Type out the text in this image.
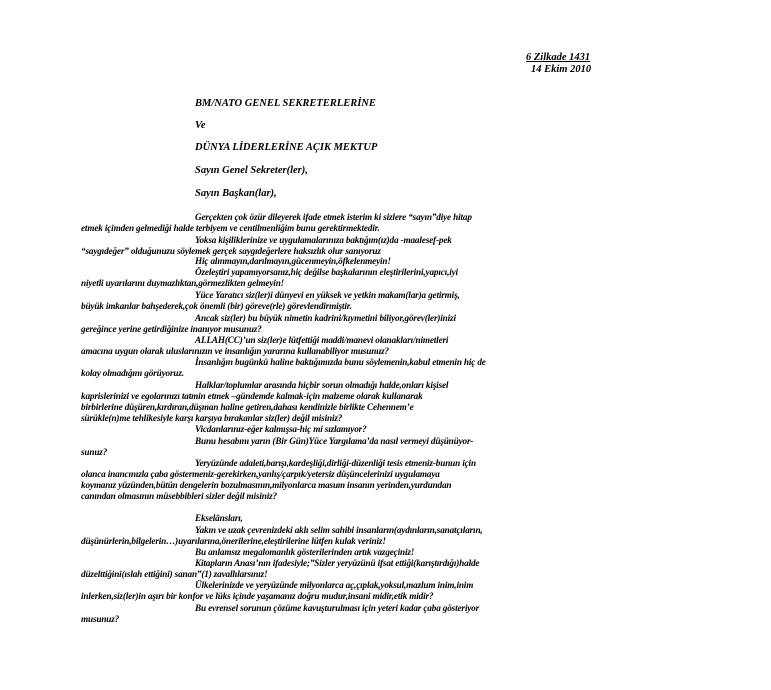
6 Zilkade 1431
14 Ekim 2010
BM/NATO GENEL SEKRETERLERİNE
Ve
DÜNYA LİDERLERİNE AÇIK MEKTUP
Sayın Genel Sekreter(ler),
Sayın Başkan(lar),
Gerçekten çok özür dileyerek ifade etmek isterim ki sizlere “sayın”diye hitap
etmek içimden gelmediği halde terbiyem ve centilmenliğim bunu gerektirmektedir.
Yoksa kişiliklerinize ve uygulamalarınıza baktığım(ız)da -maalesef-pek
“saygıdeğer” olduğunuzu söylemek gerçek saygıdeğerlere haksızlık olur sanıyoruz
Hiç alınmayın,darılmayın,gücenmeyin,öfkelenmeyin!
Özeleştiri yapamıyorsanız,hiç değilse başkalarının eleştirilerini,yapıcı,iyi
niyetli uyarılarını duymazlıktan,görmezlikten gelmeyin!
Yüce Yaratıcı siz(ler)i dünyevi en yüksek ve yetkin makam(lar)a getirmiş,
büyük imkanlar bahşederek,çok önemli (bir) göreve(rle) görevlendirmiştir.
Ancak siz(ler) bu büyük nimetin kadrini/kıymetini biliyor,görev(ler)inizi
gereğince yerine getirdiğinize inanıyor musunuz?
ALLAH(CC)’un siz(ler)e lütfettiği maddi/manevi olanakları/nimetleri
amacına uygun olarak uluslarınızın ve insanlığın yararına kullanabiliyor musunuz?
İnsanlığın bugünkü haline baktığımızda bunu söylemenin,kabul etmenin hiç de
kolay olmadığını görüyoruz.
Halklar/toplumlar arasında hiçbir sorun olmadığı halde,onları kişisel
kaprislerinizi ve egolarınızı tatmin etmek –gündemde kalmak-için malzeme olarak kullanarak
birbirlerine düşüren,kırdıran,düşman haline getiren,dahası kendinizle birlikte Cehennem’e
sürükle(n)me tehlikesiyle karşı karşıya bırakanlar siz(ler) değil misiniz?
Vicdanlarınız-eğer kalmışsa-hiç mi sızlamıyor?
Bunu hesabını yarın (Bir Gün)Yüce Yargılama’da nasıl vermeyi düşünüyor-
sunuz?
Yeryüzünde adaleti,barışı,kardeşliği,dirliği-düzenliği tesis etmeniz-bunun için
olanca inancınızla çaba göstermeniz-gerekirken,yanlış/çarpık/yetersiz düşüncelerinizi uygulamaya
koymanız yüzünden,bütün dengelerin bozulmasının,milyonlarca masum insanın yerinden,yurdundan
canından olmasının müsebbibleri sizler değil misiniz?
Ekselânsları,
Yakın ve uzak çevrenizdeki aklı selim sahibi insanların(aydınların,sanatçıların,
düşünürlerin,bilgelerin…)uyarılarına,önerilerine,eleştirilerine lütfen kulak veriniz!
Bu anlamsız megalomanlık gösterilerinden artık vazgeçiniz!
Kitapların Anası’nın ifadesiyle;”Sizler yeryüzünü ifsat ettiği(karıştırdığı)halde
düzelttiğini(ıslah ettiğini) sanan”(1) zavallılarsınız!
Ülkelerinizde ve yeryüzünde milyonlarca aç,çıplak,yoksul,mazlum inim,inim
inlerken,siz(ler)in aşırı bir konfor ve lüks içinde yaşamanız doğru mudur,insani midir,etik midir?
Bu evrensel sorunun çözüme kavuşturulması için yeteri kadar çaba gösteriyor
musunuz?
